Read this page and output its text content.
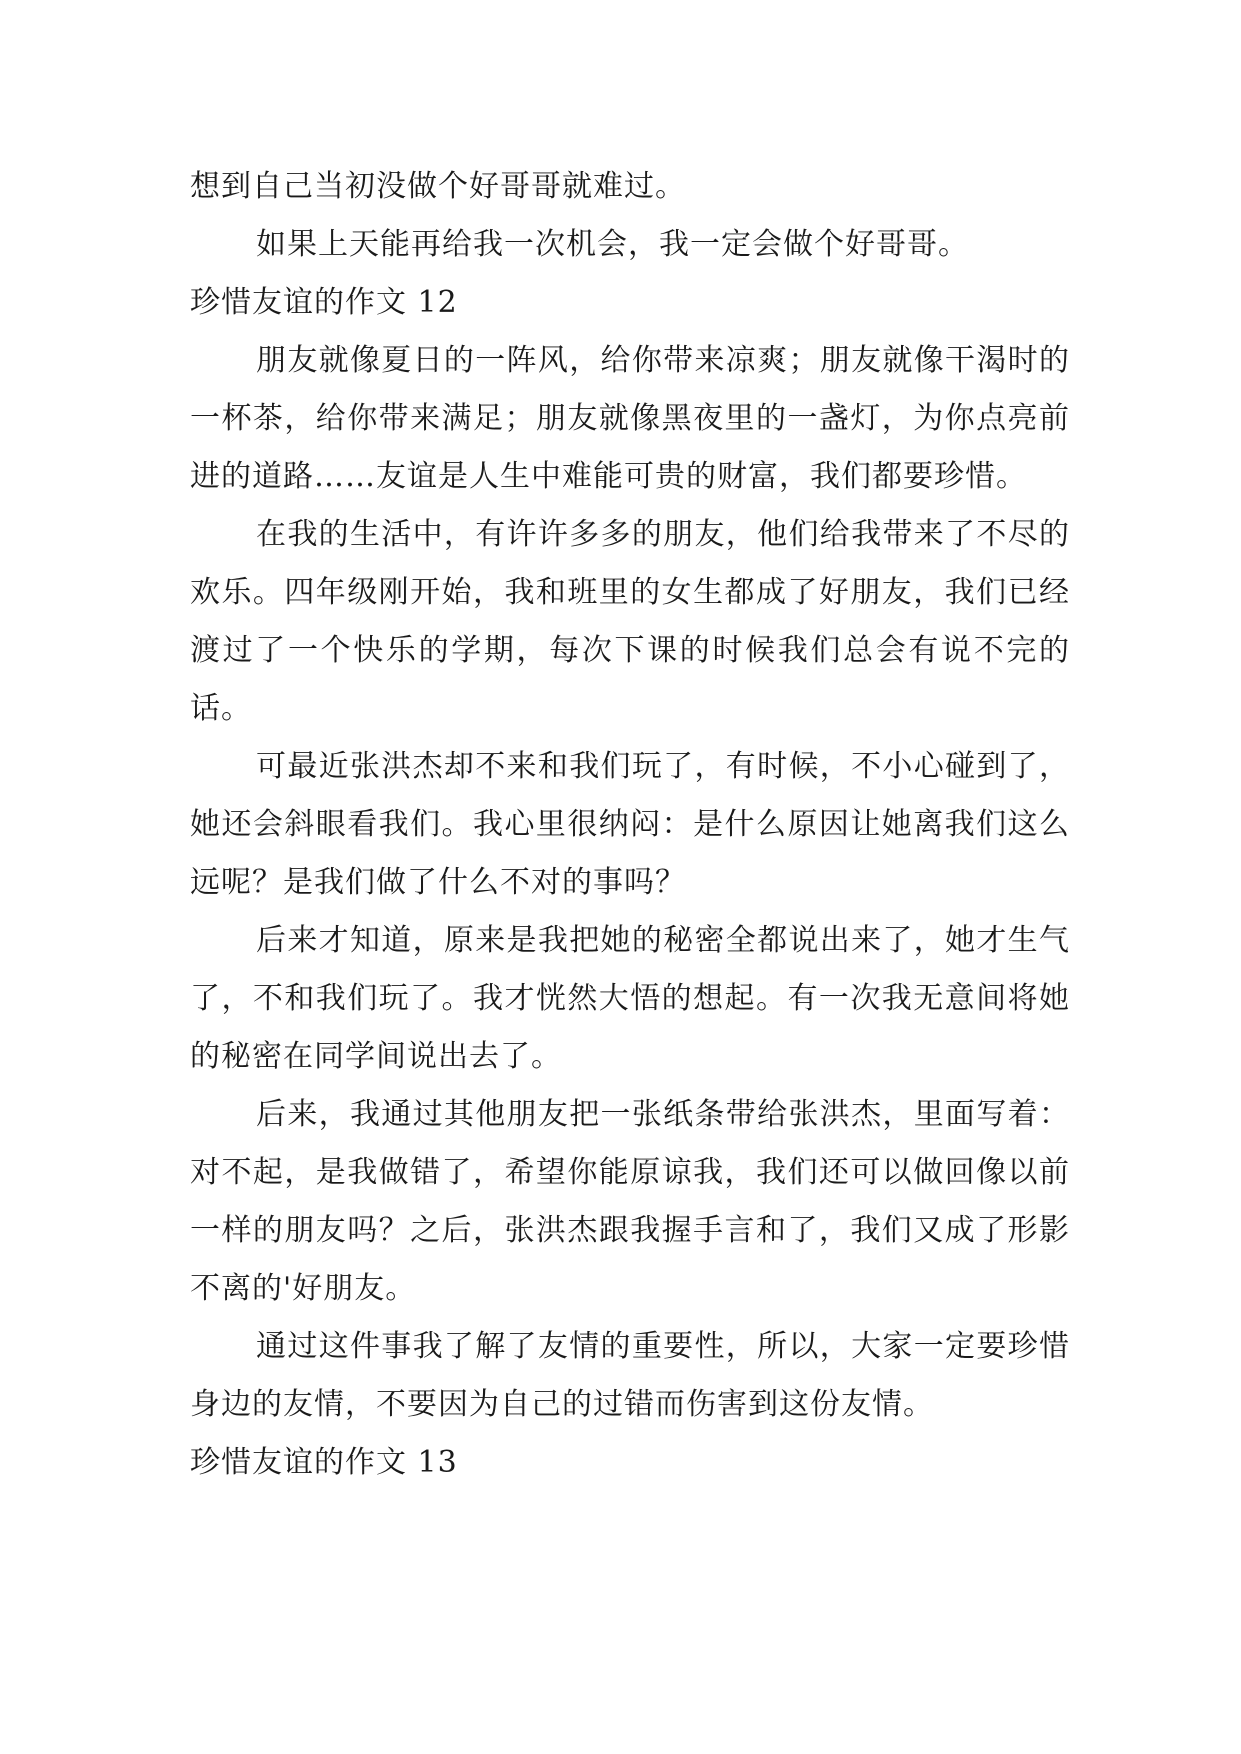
想到自己当初没做个好哥哥就难过。

如果上天能再给我一次机会，我一定会做个好哥哥。

珍惜友谊的作文 12

朋友就像夏日的一阵风，给你带来凉爽；朋友就像干渴时的一杯茶，给你带来满足；朋友就像黑夜里的一盏灯，为你点亮前进的道路……友谊是人生中难能可贵的财富，我们都要珍惜。

在我的生活中，有许许多多的朋友，他们给我带来了不尽的欢乐。四年级刚开始，我和班里的女生都成了好朋友，我们已经渡过了一个快乐的学期，每次下课的时候我们总会有说不完的话。

可最近张洪杰却不来和我们玩了，有时候，不小心碰到了，她还会斜眼看我们。我心里很纳闷：是什么原因让她离我们这么远呢？是我们做了什么不对的事吗？

后来才知道，原来是我把她的秘密全都说出来了，她才生气了，不和我们玩了。我才恍然大悟的想起。有一次我无意间将她的秘密在同学间说出去了。

后来，我通过其他朋友把一张纸条带给张洪杰，里面写着：对不起，是我做错了，希望你能原谅我，我们还可以做回像以前一样的朋友吗？之后，张洪杰跟我握手言和了，我们又成了形影不离的'好朋友。

通过这件事我了解了友情的重要性，所以，大家一定要珍惜身边的友情，不要因为自己的过错而伤害到这份友情。

珍惜友谊的作文 13
